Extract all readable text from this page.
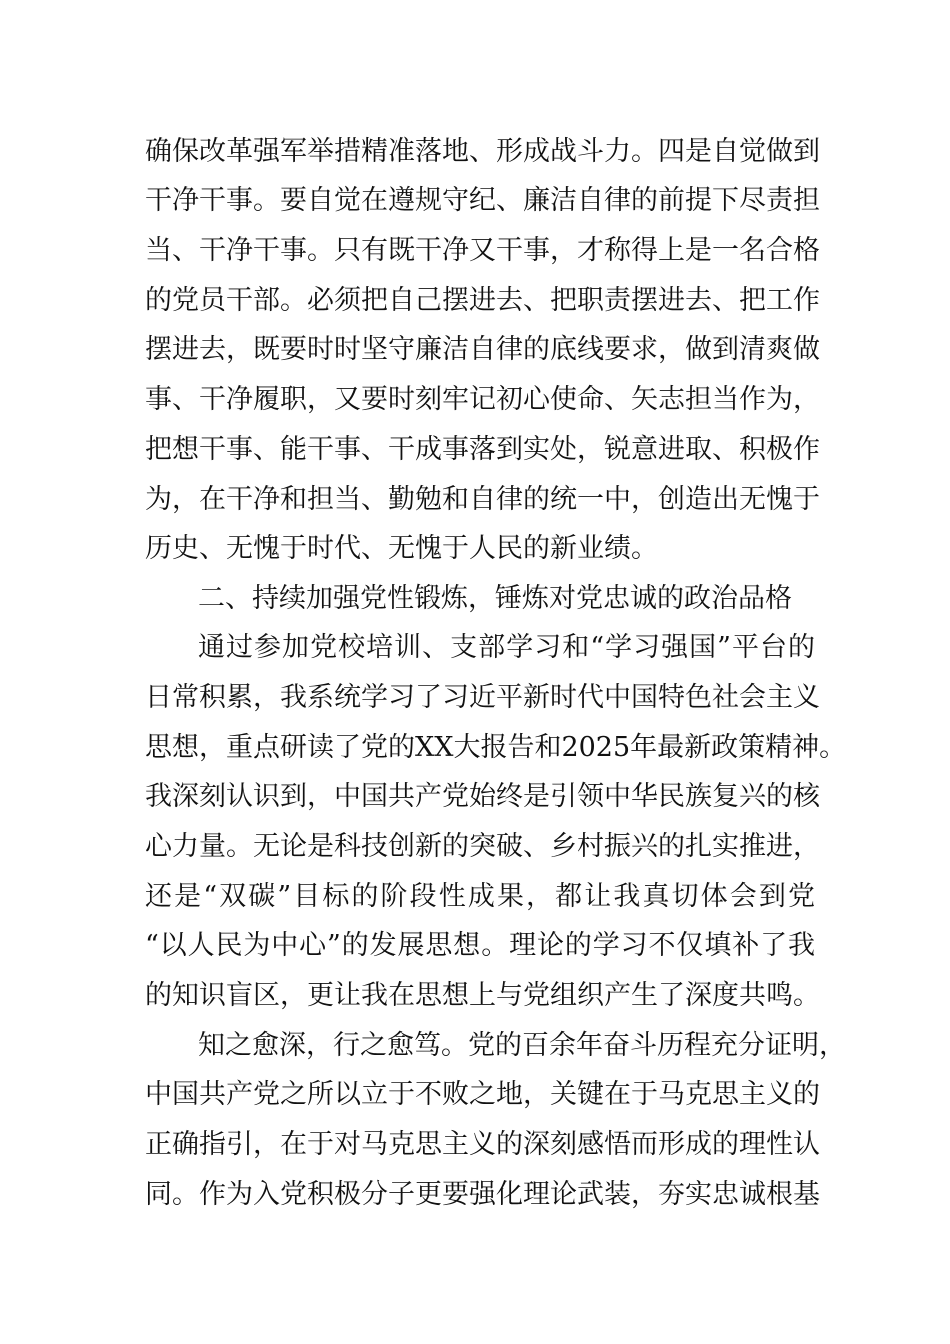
确保改革强军举措精准落地、形成战斗力。四是自觉做到
干净干事。要自觉在遵规守纪、廉洁自律的前提下尽责担
当、干净干事。只有既干净又干事，才称得上是一名合格
的党员干部。必须把自己摆进去、把职责摆进去、把工作
摆进去，既要时时坚守廉洁自律的底线要求，做到清爽做
事、干净履职，又要时刻牢记初心使命、矢志担当作为，
把想干事、能干事、干成事落到实处，锐意进取、积极作
为，在干净和担当、勤勉和自律的统一中，创造出无愧于
历史、无愧于时代、无愧于人民的新业绩。
二、持续加强党性锻炼，锤炼对党忠诚的政治品格
通过参加党校培训、支部学习和“学习强国”平台的
日常积累，我系统学习了习近平新时代中国特色社会主义
思想，重点研读了党的XX大报告和2025年最新政策精神。
我深刻认识到，中国共产党始终是引领中华民族复兴的核
心力量。无论是科技创新的突破、乡村振兴的扎实推进，
还是“双碳”目标的阶段性成果，都让我真切体会到党
“以人民为中心”的发展思想。理论的学习不仅填补了我
的知识盲区，更让我在思想上与党组织产生了深度共鸣。
知之愈深，行之愈笃。党的百余年奋斗历程充分证明，
中国共产党之所以立于不败之地，关键在于马克思主义的
正确指引，在于对马克思主义的深刻感悟而形成的理性认
同。作为入党积极分子更要强化理论武装，夯实忠诚根基
